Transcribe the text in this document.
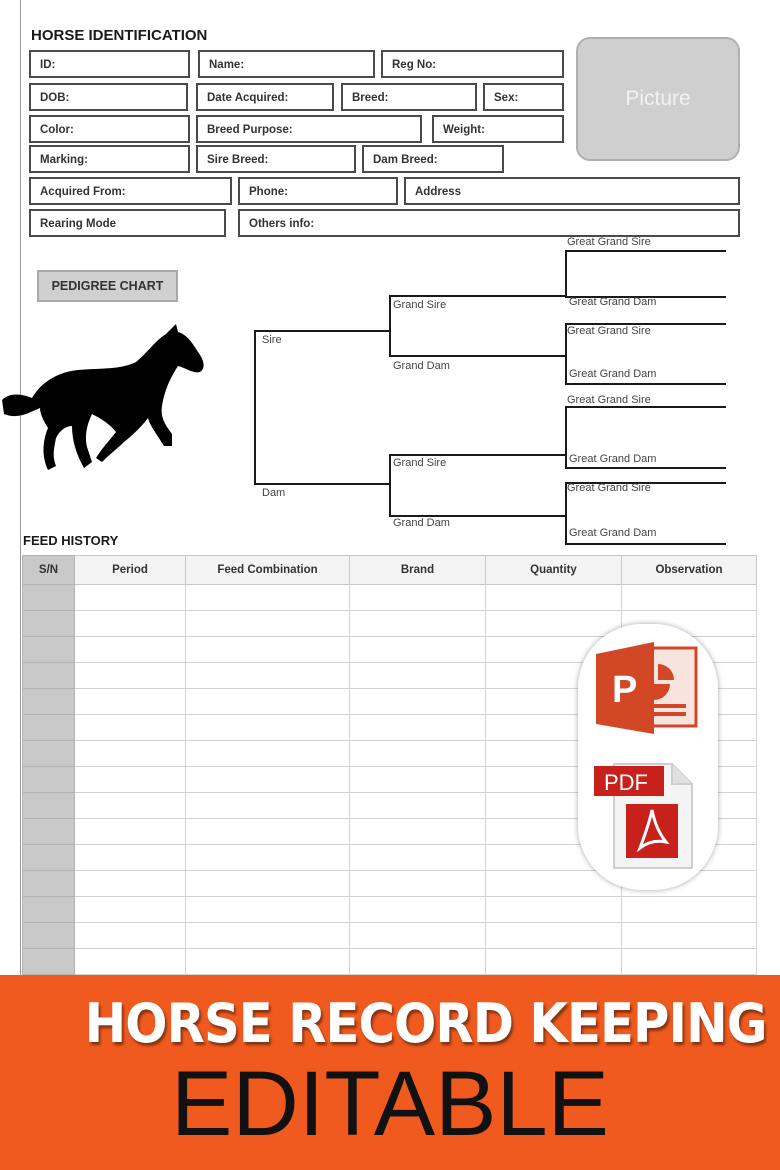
HORSE IDENTIFICATION
ID:	Name:	Reg No:
DOB:	Date Acquired:	Breed:	Sex:
Color:	Breed Purpose:	Weight:
Marking:	Sire Breed:	Dam Breed:
Acquired From:	Phone:	Address
Rearing Mode	Others info:
Picture
PEDIGREE CHART
Sire
Dam
Grand Sire
Grand Dam
Grand Sire
Grand Dam
Great Grand Sire
Great Grand Dam
Great Grand Sire
Great Grand Dam
Great Grand Sire
Great Grand Dam
Great Grand Sire
Great Grand Dam
FEED HISTORY
S/N	Period	Feed Combination	Brand	Quantity	Observation

P
PDF
HORSE RECORD KEEPING
EDITABLE
